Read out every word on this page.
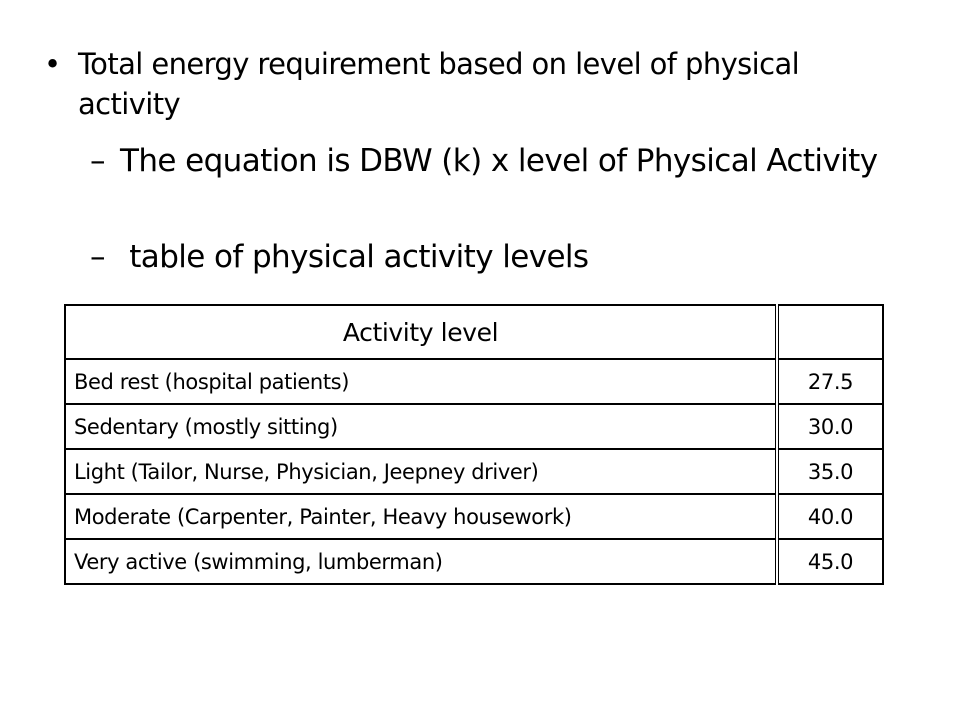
• Total energy requirement based on level of physical activity
– The equation is DBW (k) x level of Physical Activity
– table of physical activity levels
Activity level	
Bed rest (hospital patients)	27.5
Sedentary (mostly sitting)	30.0
Light (Tailor, Nurse, Physician, Jeepney driver)	35.0
Moderate (Carpenter, Painter, Heavy housework)	40.0
Very active (swimming, lumberman)	45.0
